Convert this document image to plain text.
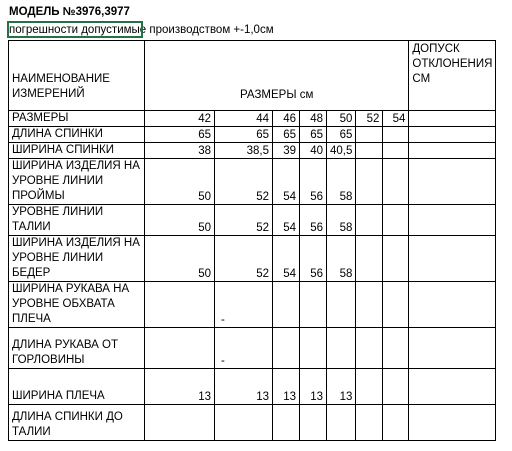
МОДЕЛЬ №3976,3977
погрешности допустимые производством +-1,0см
НАИМЕНОВАНИЕ ИЗМЕРЕНИЙ	РАЗМЕРЫ см							ДОПУСК ОТКЛОНЕНИЯ СМ
РАЗМЕРЫ	42	44	46	48	50	52	54	
ДЛИНА СПИНКИ	65	65	65	65	65			
ШИРИНА СПИНКИ	38	38,5	39	40	40,5			
ШИРИНА ИЗДЕЛИЯ НА УРОВНЕ ЛИНИИ ПРОЙМЫ	50	52	54	56	58			
УРОВНЕ ЛИНИИ ТАЛИИ	50	52	54	56	58			
ШИРИНА ИЗДЕЛИЯ НА УРОВНЕ ЛИНИИ БЕДЕР	50	52	54	56	58			
ШИРИНА РУКАВА НА УРОВНЕ ОБХВАТА ПЛЕЧА		-						
ДЛИНА РУКАВА ОТ ГОРЛОВИНЫ		-						
ШИРИНА ПЛЕЧА	13	13	13	13	13			
ДЛИНА СПИНКИ ДО ТАЛИИ								
